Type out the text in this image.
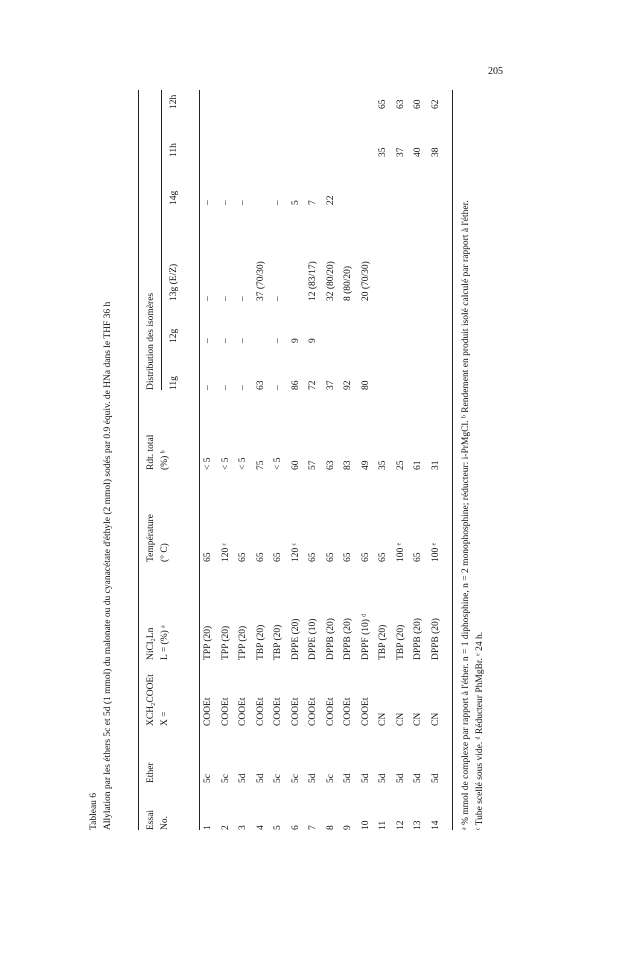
205
Tableau 6 Allylation par les éthers 5c et 5d (1 mmol) du malonate ou du cyanacétate d'éthyle (2 mmol) sodés par 0.9 équiv. de HNa dans le THF 36 h	Essai No.
Ether
XCH₂COOEt X =
NiCl₂Ln L = (%) ᵃ
Température (° C)
Rdt. total (%) ᵇ
Distribution des isomères 11g
12g
13g (E/Z)
14g
11h
12h
1
5c
COOEt
TPP (20)
65
< 5
–
–
–
–
2
5c
COOEt
TPP (20)
120 ᶜ
< 5
–
–
–
–
3
5d
COOEt
TPP (20)
65
< 5
–
–
–
–
4
5d
COOEt
TBP (20)
65
75
63
37 (70/30)
5
5c
COOEt
TBP (20)
65
< 5
–
–
–
–
6
5c
COOEt
DPPE (20)
120 ᶜ
60
86
9
5
7
5d
COOEt
DPPE (10)
65
57
72
9
12 (83/17)
7
8
5c
COOEt
DPPB (20)
65
63
37
32 (80/20)
22
9
5d
COOEt
DPPB (20)
65
83
92
8 (80/20)
10
5d
COOEt
DPPF (10) ᵈ
65
49
80
20 (70/30)
11
5d
CN
TBP (20)
65
35
35
65
12
5d
CN
TBP (20)
100 ᵉ
25
37
63
13
5d
CN
DPPB (20)
65
61
40
60
14
5d
CN
DPPB (20)
100 ᵉ
31
38
62
ᵃ % mmol de complexe par rapport à l'éther. n = 1 diphosphine, n = 2 monophosphine; réducteur: i-PrMgCl. ᵇ Rendement en produit isolé calculé par rapport à l'éther. ᶜ Tube scellé sous vide. ᵈ Réducteur PhMgBr. ᵉ 24 h.
